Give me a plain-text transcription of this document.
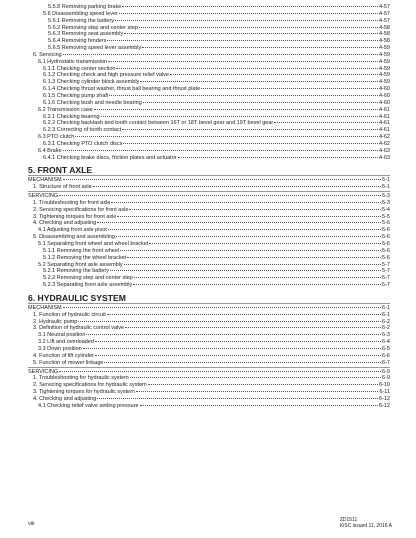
5.5.8 Removing parking brake	4-57
5.6 Disassembling speed lever	4-57
5.6.1 Removing the battery	4-57
5.6.2 Removing step and center step	4-58
5.6.3 Removing seat assembly	4-58
5.6.4 Removing fenders	4-58
5.6.5 Removing speed lever assembly	4-59
6. Servicing	4-59
6.1 Hydrostatic transmission	4-59
6.1.1 Checking center section	4-59
6.1.2 Checking check and high pressure relief valve	4-59
6.1.3 Checking cylinder block assembly	4-59
6.1.4 Checking thrust washer, thrust ball bearing and thrust plate	4-60
6.1.5 Checking pump shaft	4-60
6.1.6 Checking bush and needle bearing	4-60
6.2 Transmission case	4-61
6.2.1 Checking bearing	4-61
6.2.2 Checking backlash and tooth contact between 16T or 18T bevel gear and 19T bevel gear	4-61
6.2.3 Correcting of tooth contact	4-61
6.3 PTO clutch	4-62
6.3.1 Checking PTO clutch discs	4-62
6.4 Brake	4-63
6.4.1 Checking brake discs, friction plates and actuator	4-63
5. FRONT AXLE
MECHANISM	5-1
1. Structure of front axle	5-1
SERVICING	5-3
1. Troubleshooting for front axle	5-3
2. Servicing specifications for front axle	5-4
3. Tightening torques for front axle	5-5
4. Checking and adjusting	5-6
4.1 Adjusting front axle pivot	5-6
5. Disassembling and assembling	5-6
5.1 Separating front wheel and wheel bracket	5-6
5.1.1 Removing the front wheel	5-6
5.1.2 Removing the wheel bracket	5-6
5.2 Separating front axle assembly	5-7
5.2.1 Removing the battery	5-7
5.2.2 Removing step and center step	5-7
5.2.3 Separating front axle assembly	5-7
6. HYDRAULIC SYSTEM
MECHANISM	6-1
1. Function of hydraulic circuit	6-1
2. Hydraulic pump	6-2
3. Definition of hydraulic control valve	6-2
3.1 Neutral position	6-3
3.2 Lift and overloaded	6-4
3.3 Down position	6-5
4. Function of lift cylinder	6-6
5. Function of mower linkage	6-7
SERVICING	6-9
1. Troubleshooting for hydraulic system	6-9
2. Servicing specifications for hydraulic system	6-10
3. Tightening torques for hydraulic system	6-11
4. Checking and adjusting	6-12
4.1 Checking relief valve setting pressure	6-12
viii
ZD1511
KiSC issued 11, 2016 A
